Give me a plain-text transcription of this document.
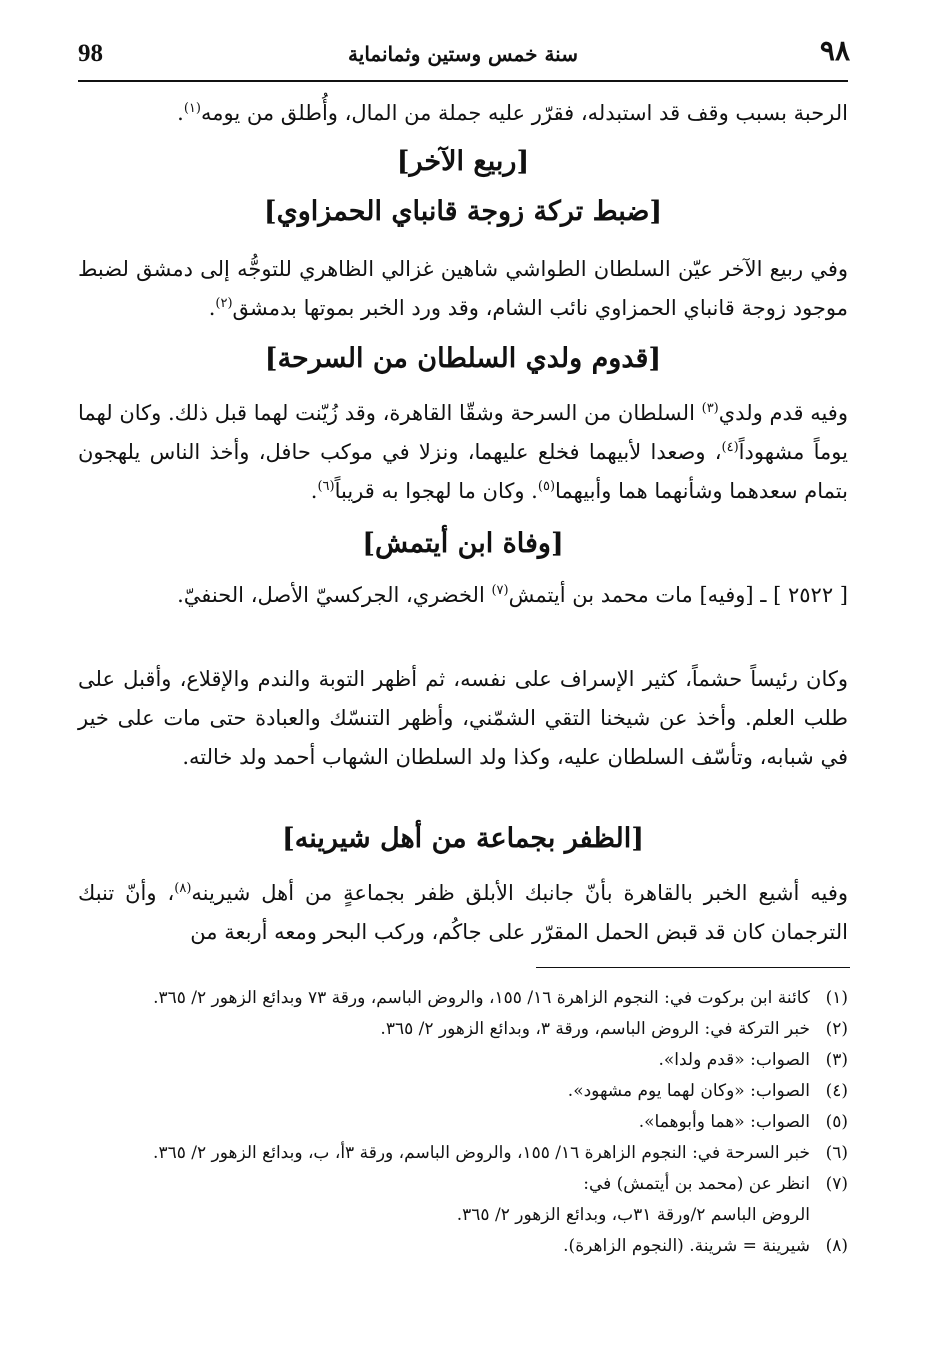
98	سنة خمس وستين وثمانماية	٩٨

الرحبة بسبب وقف قد استبدله، فقرّر عليه جملة من المال، وأُطلق من يومه$^{(١)}$.

[ربيع الآخر]
[ضبط تركة زوجة قانباي الحمزاوي]

وفي ربيع الآخر عيّن السلطان الطواشي شاهين غزالي الظاهري للتوجُّه إلى دمشق لضبط موجود زوجة قانباي الحمزاوي نائب الشام، وقد ورد الخبر بموتها بدمشق$^{(٢)}$.

[قدوم ولدي السلطان من السرحة]

وفيه قدم ولدي$^{(٣)}$ السلطان من السرحة وشقّا القاهرة، وقد زُيّنت لهما قبل ذلك. وكان لهما يوماً مشهوداً$^{(٤)}$، وصعدا لأبيهما فخلع عليهما، ونزلا في موكب حافل، وأخذ الناس يلهجون بتمام سعدهما وشأنهما هما وأبيهما$^{(٥)}$. وكان ما لهجوا به قريباً$^{(٦)}$.

[وفاة ابن أيتمش]

[ ٢٥٢٢ ] ـ [وفيه] مات محمد بن أيتمش$^{(٧)}$ الخضري، الجركسيّ الأصل، الحنفيّ.

وكان رئيساً حشماً، كثير الإسراف على نفسه، ثم أظهر التوبة والندم والإقلاع، وأقبل على طلب العلم. وأخذ عن شيخنا التقي الشمّني، وأظهر التنسّك والعبادة حتى مات على خير في شبابه، وتأسّف السلطان عليه، وكذا ولد السلطان الشهاب أحمد ولد خالته.

[الظفر بجماعة من أهل شيرينه]

وفيه أشيع الخبر بالقاهرة بأنّ جانبك الأبلق ظفر بجماعةٍ من أهل شيرينه$^{(٨)}$، وأنّ تنبك الترجمان كان قد قبض الحمل المقرّر على جاكُم، وركب البحر ومعه أربعة من

(١)
كائنة ابن بركوت في: النجوم الزاهرة ١٦/ ١٥٥، والروض الباسم، ورقة ٧٣ وبدائع الزهور ٢/ ٣٦٥.
(٢)
خبر التركة في: الروض الباسم، ورقة ٣، وبدائع الزهور ٢/ ٣٦٥.
(٣)
الصواب: «قدم ولدا».
(٤)
الصواب: «وكان لهما يوم مشهود».
(٥)
الصواب: «هما وأبوهما».
(٦)
خبر السرحة في: النجوم الزاهرة ١٦/ ١٥٥، والروض الباسم، ورقة ٣أ، ب، وبدائع الزهور ٢/ ٣٦٥.
(٧)
انظر عن (محمد بن أيتمش) في:
الروض الباسم ٢/ورقة ٣١ب، وبدائع الزهور ٢/ ٣٦٥.
(٨)
شيرينة = شرينة. (النجوم الزاهرة).
